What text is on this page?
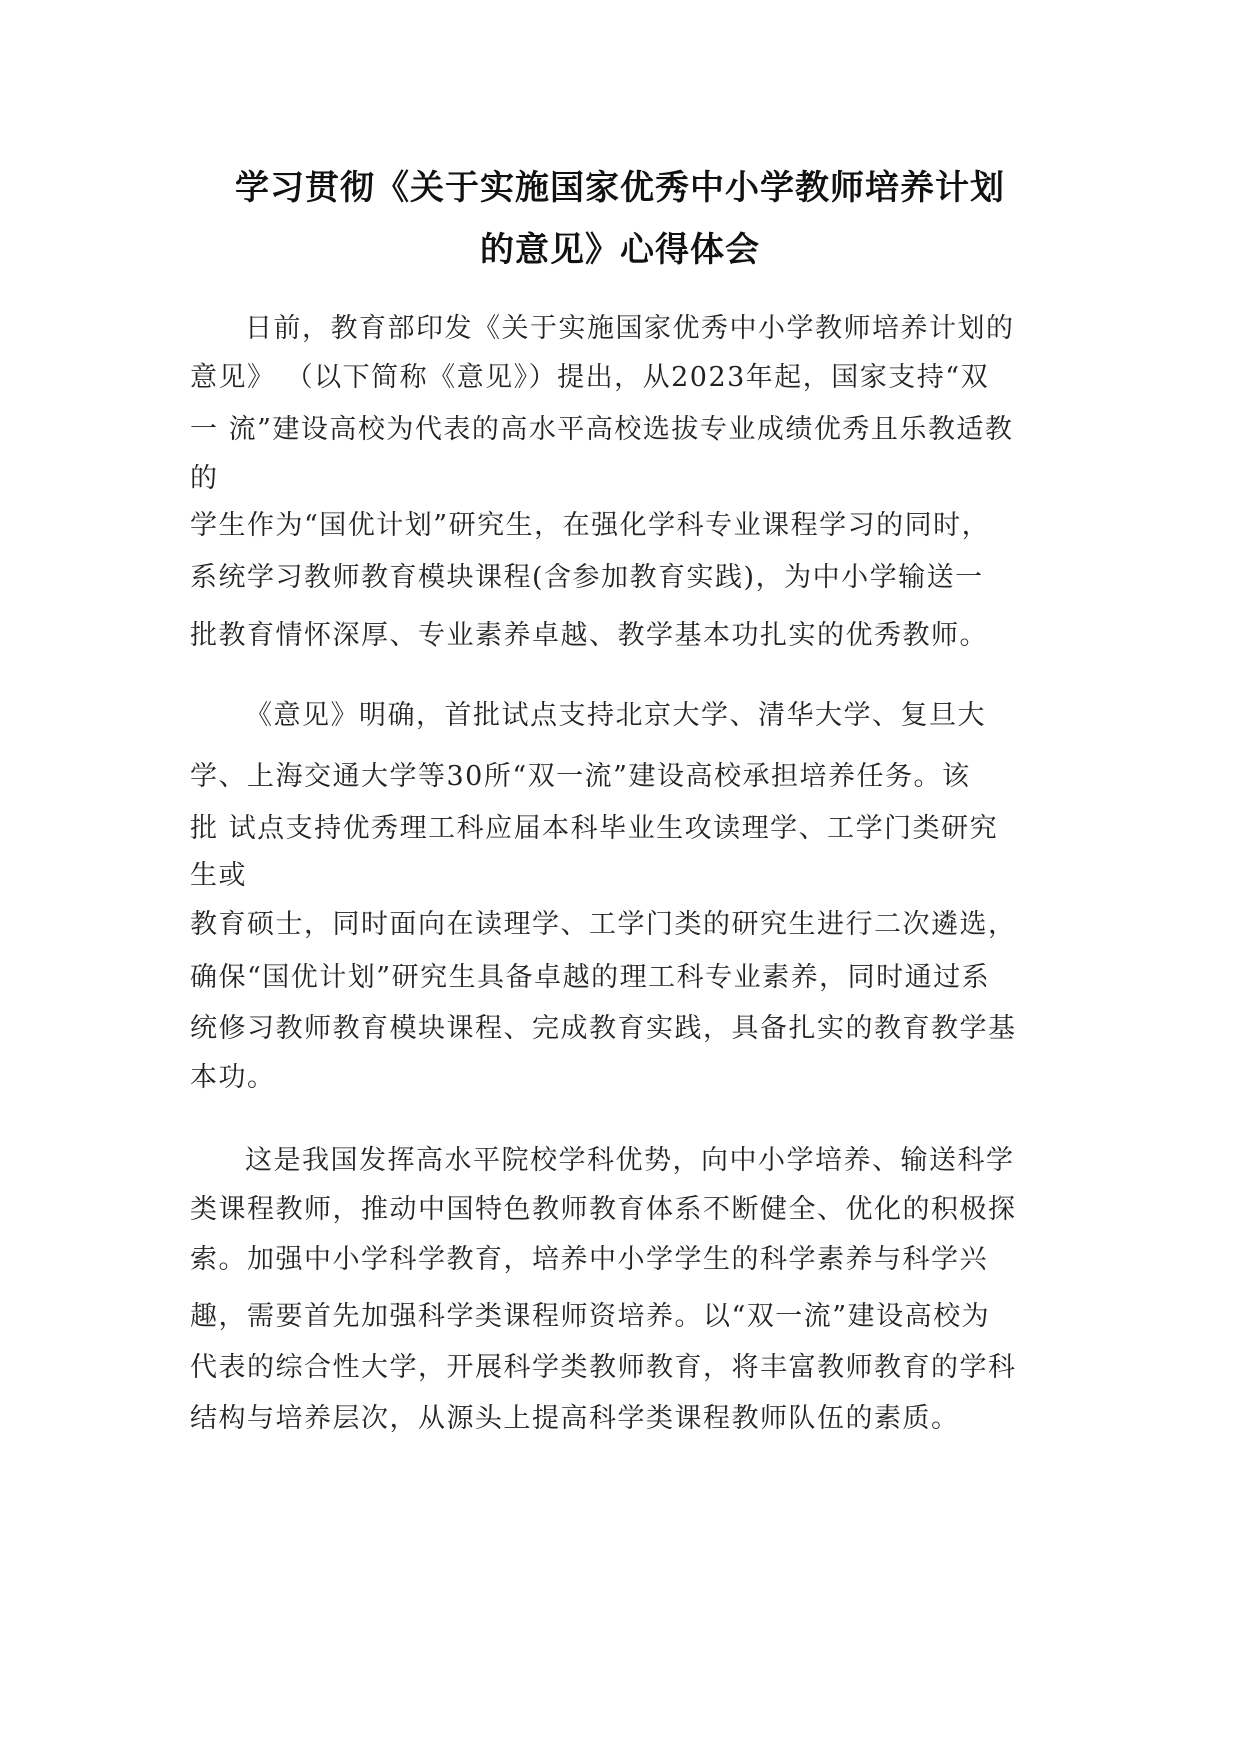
学习贯彻《关于实施国家优秀中小学教师培养计划
的意见》心得体会
日前，教育部印发《关于实施国家优秀中小学教师培养计划的
意见》 （以下简称《意见》）提出，从2023年起，国家支持“双
一 流”建设高校为代表的高水平高校选拔专业成绩优秀且乐教适教
的
学生作为“国优计划”研究生，在强化学科专业课程学习的同时，
系统学习教师教育模块课程(含参加教育实践)，为中小学输送一
批教育情怀深厚、专业素养卓越、教学基本功扎实的优秀教师。
《意见》明确，首批试点支持北京大学、清华大学、复旦大
学、上海交通大学等30所“双一流”建设高校承担培养任务。该
批 试点支持优秀理工科应届本科毕业生攻读理学、工学门类研究
生或
教育硕士，同时面向在读理学、工学门类的研究生进行二次遴选，
确保“国优计划”研究生具备卓越的理工科专业素养，同时通过系
统修习教师教育模块课程、完成教育实践，具备扎实的教育教学基
本功。
这是我国发挥高水平院校学科优势，向中小学培养、输送科学
类课程教师，推动中国特色教师教育体系不断健全、优化的积极探
索。加强中小学科学教育，培养中小学学生的科学素养与科学兴
趣，需要首先加强科学类课程师资培养。以“双一流”建设高校为
代表的综合性大学，开展科学类教师教育，将丰富教师教育的学科
结构与培养层次，从源头上提高科学类课程教师队伍的素质。
